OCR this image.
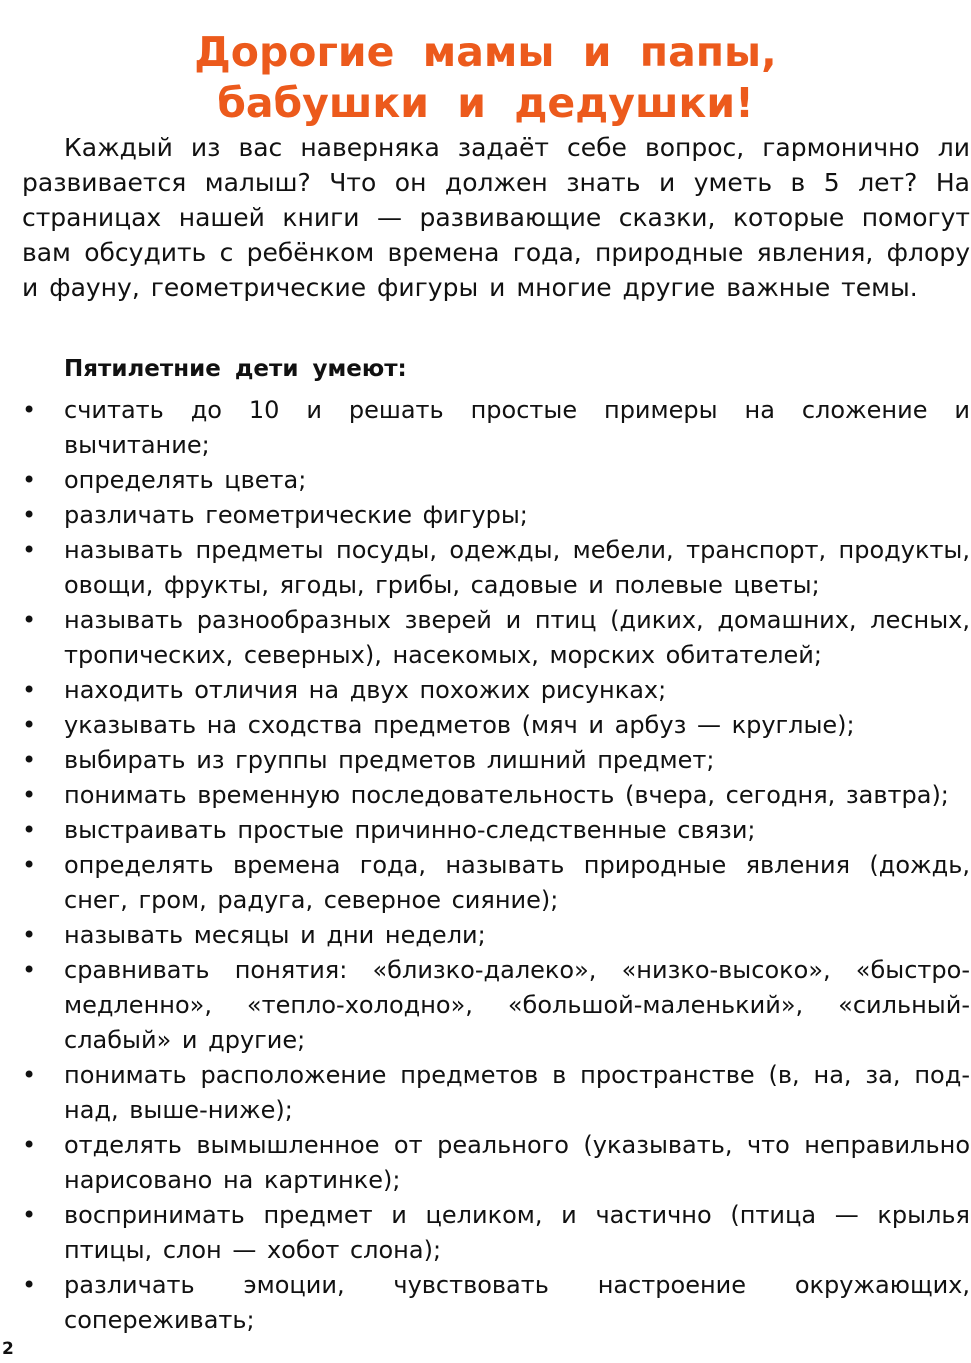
Дорогие мамы и папы,
бабушки и дедушки!

Каждый из вас наверняка задаёт себе вопрос, гармонично ли развивается малыш? Что он должен знать и уметь в 5 лет? На страницах нашей книги — развивающие сказки, которые помогут вам обсудить с ребёнком времена года, природные явления, флору и фауну, геометрические фигуры и многие другие важные темы.

Пятилетние дети умеют:

• считать до 10 и решать простые примеры на сложение и вычитание;
• определять цвета;
• различать геометрические фигуры;
• называть предметы посуды, одежды, мебели, транспорт, продукты, овощи, фрукты, ягоды, грибы, садовые и полевые цветы;
• называть разнообразных зверей и птиц (диких, домашних, лесных, тропических, северных), насекомых, морских обитателей;
• находить отличия на двух похожих рисунках;
• указывать на сходства предметов (мяч и арбуз — круглые);
• выбирать из группы предметов лишний предмет;
• понимать временную последовательность (вчера, сегодня, завтра);
• выстраивать простые причинно-следственные связи;
• определять времена года, называть природные явления (дождь, снег, гром, радуга, северное сияние);
• называть месяцы и дни недели;
• сравнивать понятия: «близко-далеко», «низко-высоко», «быстро-медленно», «тепло-холодно», «большой-маленький», «сильный-слабый» и другие;
• понимать расположение предметов в пространстве (в, на, за, под-над, выше-ниже);
• отделять вымышленное от реального (указывать, что неправильно нарисовано на картинке);
• воспринимать предмет и целиком, и частично (птица — крылья птицы, слон — хобот слона);
• различать эмоции, чувствовать настроение окружающих, сопереживать;
2
